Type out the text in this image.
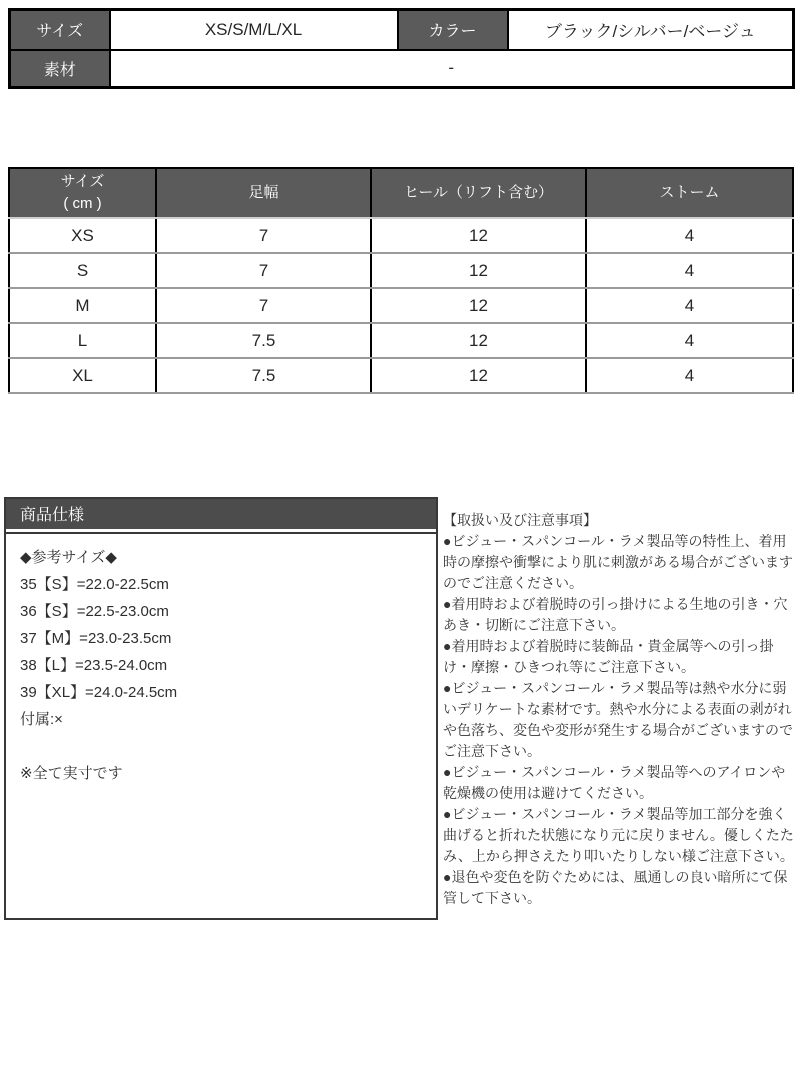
サイズ	XS/S/M/L/XL	カラー	ブラック/シルバー/ベージュ
素材	-		
サイズ
( cm )	足幅	ヒール（リフト含む）	ストーム
XS	7	12	4
S	7	12	4
M	7	12	4
L	7.5	12	4
XL	7.5	12	4
商品仕様
◆参考サイズ◆
35【S】=22.0-22.5cm
36【S】=22.5-23.0cm
37【M】=23.0-23.5cm
38【L】=23.5-24.0cm
39【XL】=24.0-24.5cm
付属:×
※全て実寸です
【取扱い及び注意事項】
●ビジュー・スパンコール・ラメ製品等の特性上、着用時の摩擦や衝撃により肌に刺激がある場合がございますのでご注意ください。
●着用時および着脱時の引っ掛けによる生地の引き・穴あき・切断にご注意下さい。
●着用時および着脱時に装飾品・貴金属等への引っ掛け・摩擦・ひきつれ等にご注意下さい。
●ビジュー・スパンコール・ラメ製品等は熱や水分に弱いデリケートな素材です。熱や水分による表面の剥がれや色落ち、変色や変形が発生する場合がございますのでご注意下さい。
●ビジュー・スパンコール・ラメ製品等へのアイロンや乾燥機の使用は避けてください。
●ビジュー・スパンコール・ラメ製品等加工部分を強く曲げると折れた状態になり元に戻りません。優しくたたみ、上から押さえたり叩いたりしない様ご注意下さい。
●退色や変色を防ぐためには、風通しの良い暗所にて保管して下さい。
